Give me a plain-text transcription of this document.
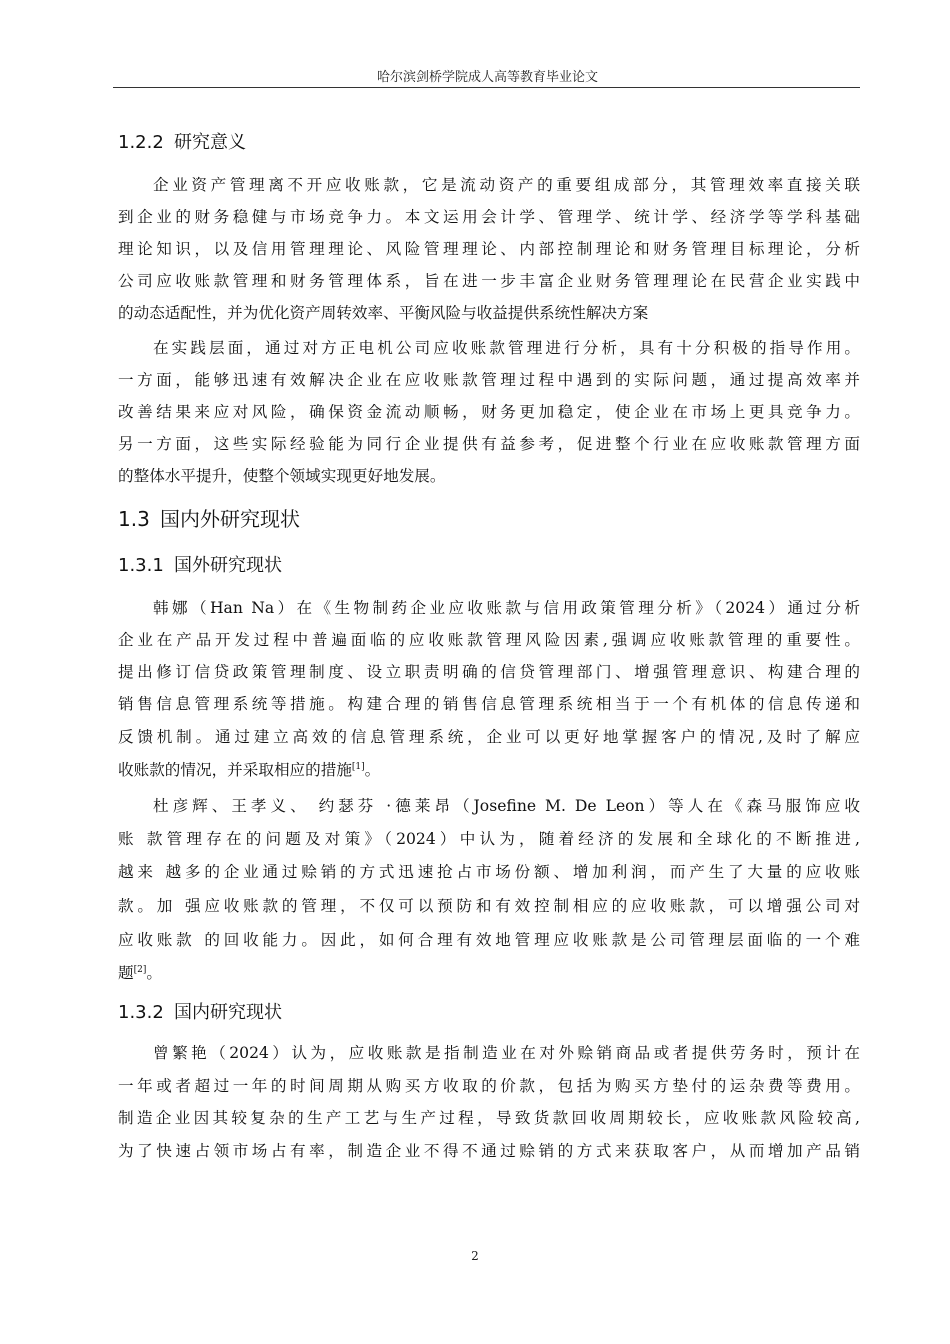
哈尔滨剑桥学院成人高等教育毕业论文
1.2.2 研究意义
企业资产管理离不开应收账款，它是流动资产的重要组成部分，其管理效率直接关联
到企业的财务稳健与市场竞争力。本文运用会计学、管理学、统计学、经济学等学科基础
理论知识，以及信用管理理论、风险管理理论、内部控制理论和财务管理目标理论，分析
公司应收账款管理和财务管理体系，旨在进一步丰富企业财务管理理论在民营企业实践中
的动态适配性，并为优化资产周转效率、平衡风险与收益提供系统性解决方案
在实践层面，通过对方正电机公司应收账款管理进行分析，具有十分积极的指导作用。
一方面，能够迅速有效解决企业在应收账款管理过程中遇到的实际问题，通过提高效率并
改善结果来应对风险，确保资金流动顺畅，财务更加稳定，使企业在市场上更具竞争力。
另一方面，这些实际经验能为同行企业提供有益参考，促进整个行业在应收账款管理方面
的整体水平提升，使整个领域实现更好地发展。
1.3 国内外研究现状
1.3.1 国外研究现状
韩娜（Han Na）在《生物制药企业应收账款与信用政策管理分析》（2024）通过分析
企业在产品开发过程中普遍面临的应收账款管理风险因素,强调应收账款管理的重要性。
提出修订信贷政策管理制度、设立职责明确的信贷管理部门、增强管理意识、构建合理的
销售信息管理系统等措施。构建合理的销售信息管理系统相当于一个有机体的信息传递和
反馈机制。通过建立高效的信息管理系统，企业可以更好地掌握客户的情况,及时了解应
收账款的情况，并采取相应的措施[1]。
杜彦辉、王孝义、 约瑟芬 ·德莱昂（Josefine M. De Leon）等人在《森马服饰应收
账 款管理存在的问题及对策》（2024）中认为，随着经济的发展和全球化的不断推进,
越来 越多的企业通过赊销的方式迅速抢占市场份额、增加利润，而产生了大量的应收账
款。加 强应收账款的管理，不仅可以预防和有效控制相应的应收账款，可以增强公司对
应收账款 的回收能力。因此，如何合理有效地管理应收账款是公司管理层面临的一个难
题[2]。
1.3.2 国内研究现状
曾繁艳（2024）认为，应收账款是指制造业在对外赊销商品或者提供劳务时，预计在
一年或者超过一年的时间周期从购买方收取的价款，包括为购买方垫付的运杂费等费用。
制造企业因其较复杂的生产工艺与生产过程，导致货款回收周期较长，应收账款风险较高,
为了快速占领市场占有率，制造企业不得不通过赊销的方式来获取客户，从而增加产品销
2
